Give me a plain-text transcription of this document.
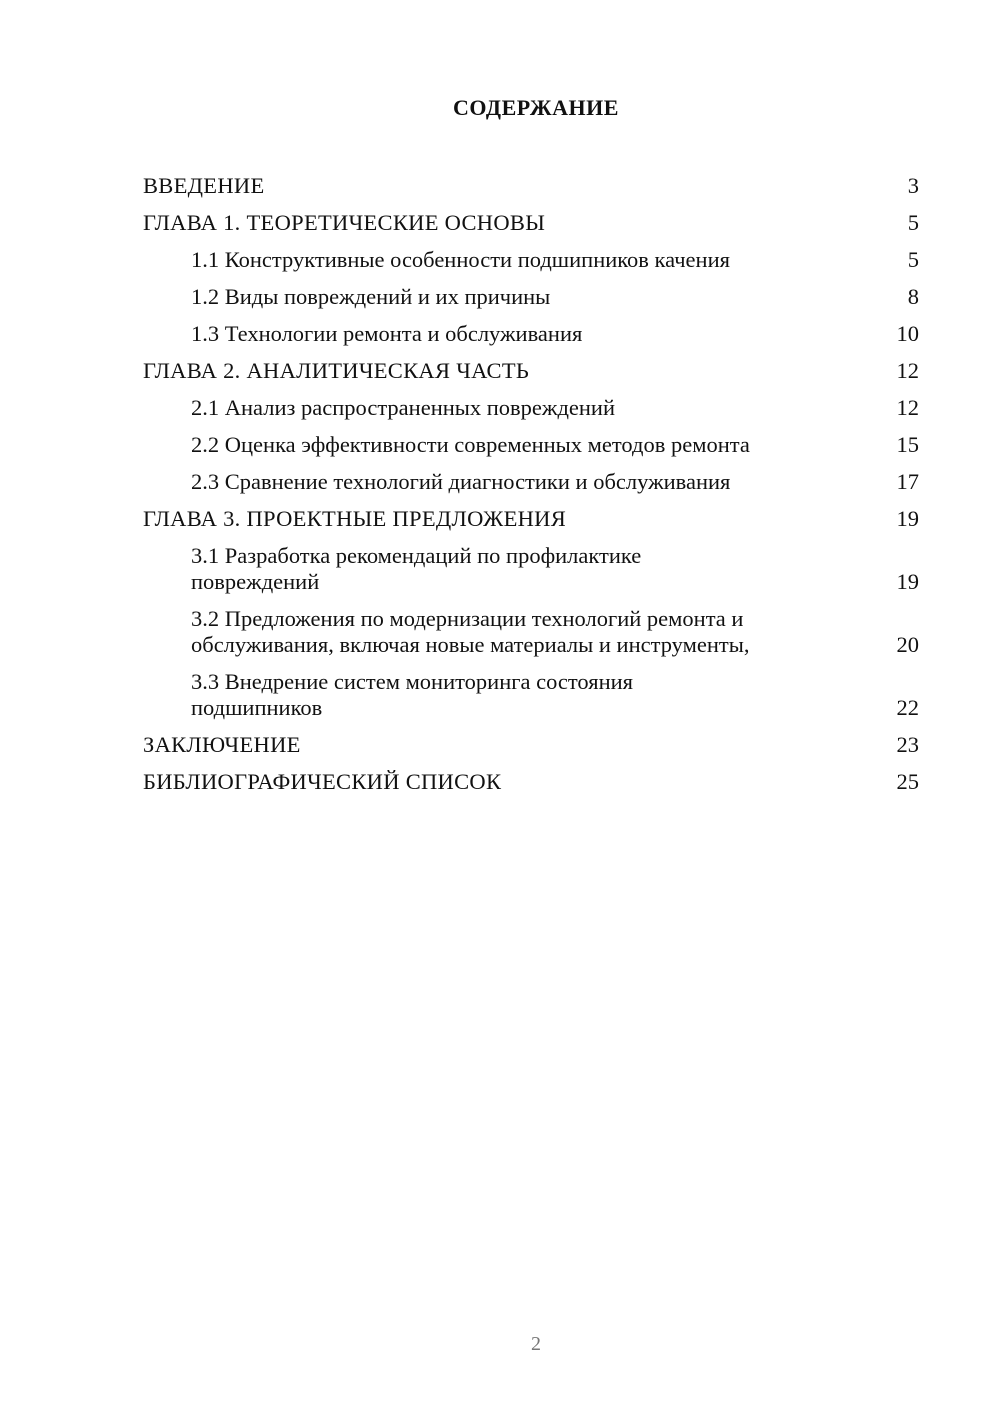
СОДЕРЖАНИЕ
ВВЕДЕНИЕ	3
ГЛАВА 1. ТЕОРЕТИЧЕСКИЕ ОСНОВЫ	5
1.1 Конструктивные особенности подшипников качения	5
1.2 Виды повреждений и их причины	8
1.3 Технологии ремонта и обслуживания	10
ГЛАВА 2. АНАЛИТИЧЕСКАЯ ЧАСТЬ	12
2.1 Анализ распространенных повреждений	12
2.2 Оценка эффективности современных методов ремонта	15
2.3 Сравнение технологий диагностики и обслуживания	17
ГЛАВА 3. ПРОЕКТНЫЕ ПРЕДЛОЖЕНИЯ	19
3.1 Разработка рекомендаций по профилактике повреждений	19
3.2 Предложения по модернизации технологий ремонта и обслуживания, включая новые материалы и инструменты,	20
3.3 Внедрение систем мониторинга состояния подшипников	22
ЗАКЛЮЧЕНИЕ	23
БИБЛИОГРАФИЧЕСКИЙ СПИСОК	25
2
